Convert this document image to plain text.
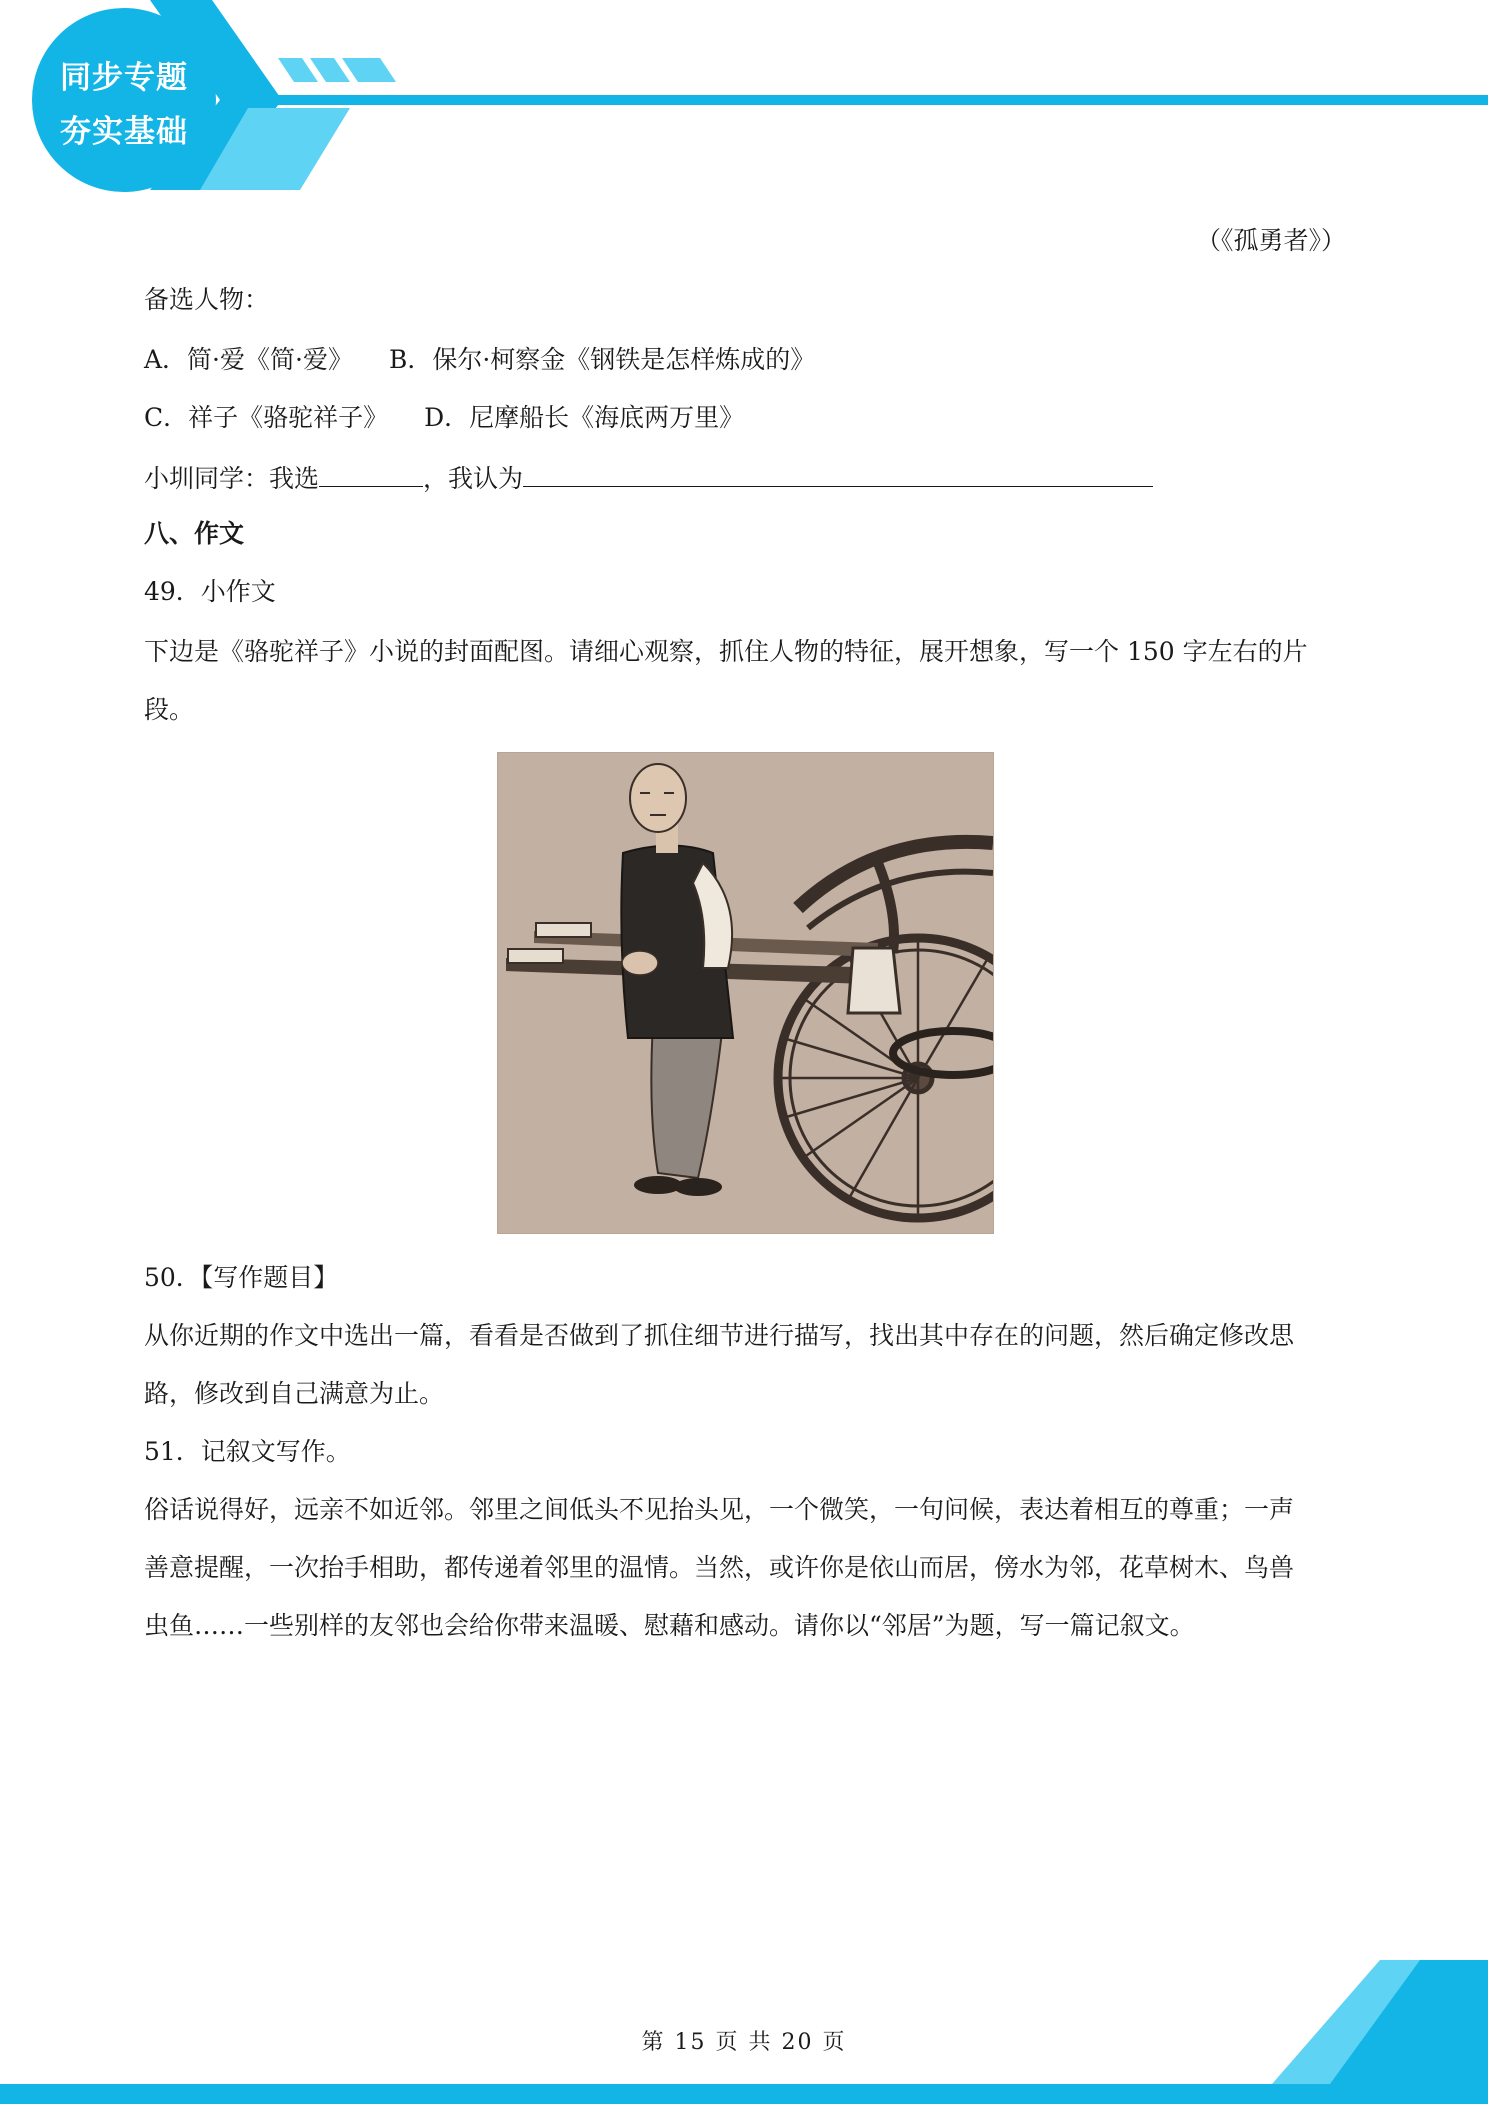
同步专题
夯实基础
（《孤勇者》）
备选人物：
A．简·爱《简·爱》 B．保尔·柯察金《钢铁是怎样炼成的》
C．祥子《骆驼祥子》 D．尼摩船长《海底两万里》
小圳同学：我选	，我认为
八、作文
49．小作文
下边是《骆驼祥子》小说的封面配图。请细心观察，抓住人物的特征，展开想象，写一个 150 字左右的片
段。
50．【写作题目】
从你近期的作文中选出一篇，看看是否做到了抓住细节进行描写，找出其中存在的问题，然后确定修改思
路，修改到自己满意为止。
51．记叙文写作。
俗话说得好，远亲不如近邻。邻里之间低头不见抬头见，一个微笑，一句问候，表达着相互的尊重；一声
善意提醒，一次抬手相助，都传递着邻里的温情。当然，或许你是依山而居，傍水为邻，花草树木、鸟兽
虫鱼……一些别样的友邻也会给你带来温暖、慰藉和感动。请你以“邻居”为题，写一篇记叙文。
第 15 页 共 20 页
